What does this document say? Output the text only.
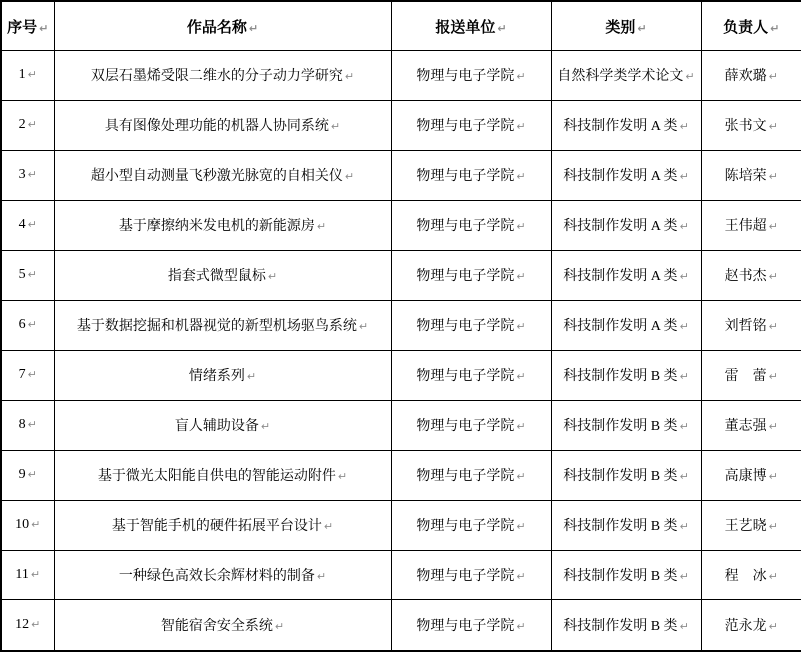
序号 ↵	作品名称 ↵	报送单位 ↵	类别 ↵	负责人 ↵
1 ↵	双层石墨烯受限二维水的分子动力学研究 ↵	物理与电子学院 ↵	自然科学类学术论文 ↵	薛欢璐 ↵
2 ↵	具有图像处理功能的机器人协同系统 ↵	物理与电子学院 ↵	科技制作发明 A 类 ↵	张书文 ↵
3 ↵	超小型自动测量飞秒激光脉宽的自相关仪 ↵	物理与电子学院 ↵	科技制作发明 A 类 ↵	陈培荣 ↵
4 ↵	基于摩擦纳米发电机的新能源房 ↵	物理与电子学院 ↵	科技制作发明 A 类 ↵	王伟超 ↵
5 ↵	指套式微型鼠标 ↵	物理与电子学院 ↵	科技制作发明 A 类 ↵	赵书杰 ↵
6 ↵	基于数据挖掘和机器视觉的新型机场驱鸟系统 ↵	物理与电子学院 ↵	科技制作发明 A 类 ↵	刘哲铭 ↵
7 ↵	情绪系列 ↵	物理与电子学院 ↵	科技制作发明 B 类 ↵	雷　蕾 ↵
8 ↵	盲人辅助设备 ↵	物理与电子学院 ↵	科技制作发明 B 类 ↵	董志强 ↵
9 ↵	基于微光太阳能自供电的智能运动附件 ↵	物理与电子学院 ↵	科技制作发明 B 类 ↵	高康博 ↵
10 ↵	基于智能手机的硬件拓展平台设计 ↵	物理与电子学院 ↵	科技制作发明 B 类 ↵	王艺晓 ↵
11 ↵	一种绿色高效长余辉材料的制备 ↵	物理与电子学院 ↵	科技制作发明 B 类 ↵	程　冰 ↵
12 ↵	智能宿舍安全系统 ↵	物理与电子学院 ↵	科技制作发明 B 类 ↵	范永龙 ↵
